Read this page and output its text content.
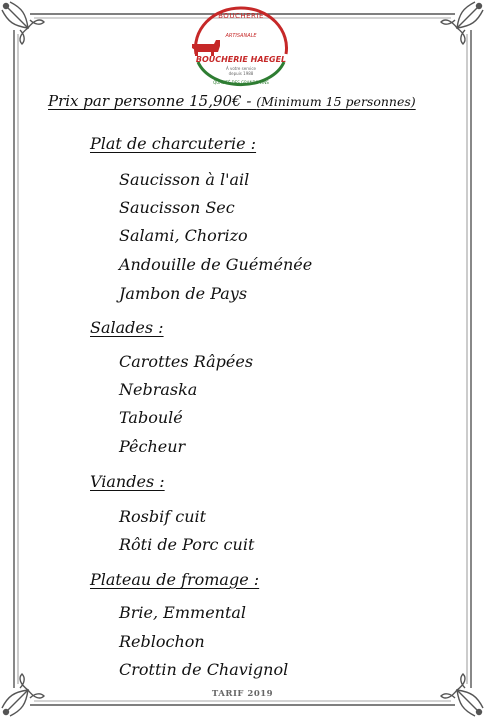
BOUCHERIE
ARTISANALE
BOUCHERIE HAEGEL
À votre service
depuis 1988
QUALITÉ DES GRANDS VINS
Prix par personne 15,90€ - (Minimum 15 personnes)
Plat de charcuterie :
Saucisson à l'ail
Saucisson Sec
Salami, Chorizo
Andouille de Guéménée
Jambon de Pays
Salades :
Carottes Râpées
Nebraska
Taboulé
Pêcheur
Viandes :
Rosbif cuit
Rôti de Porc cuit
Plateau de fromage :
Brie, Emmental
Reblochon
Crottin de Chavignol
TARIF 2019
